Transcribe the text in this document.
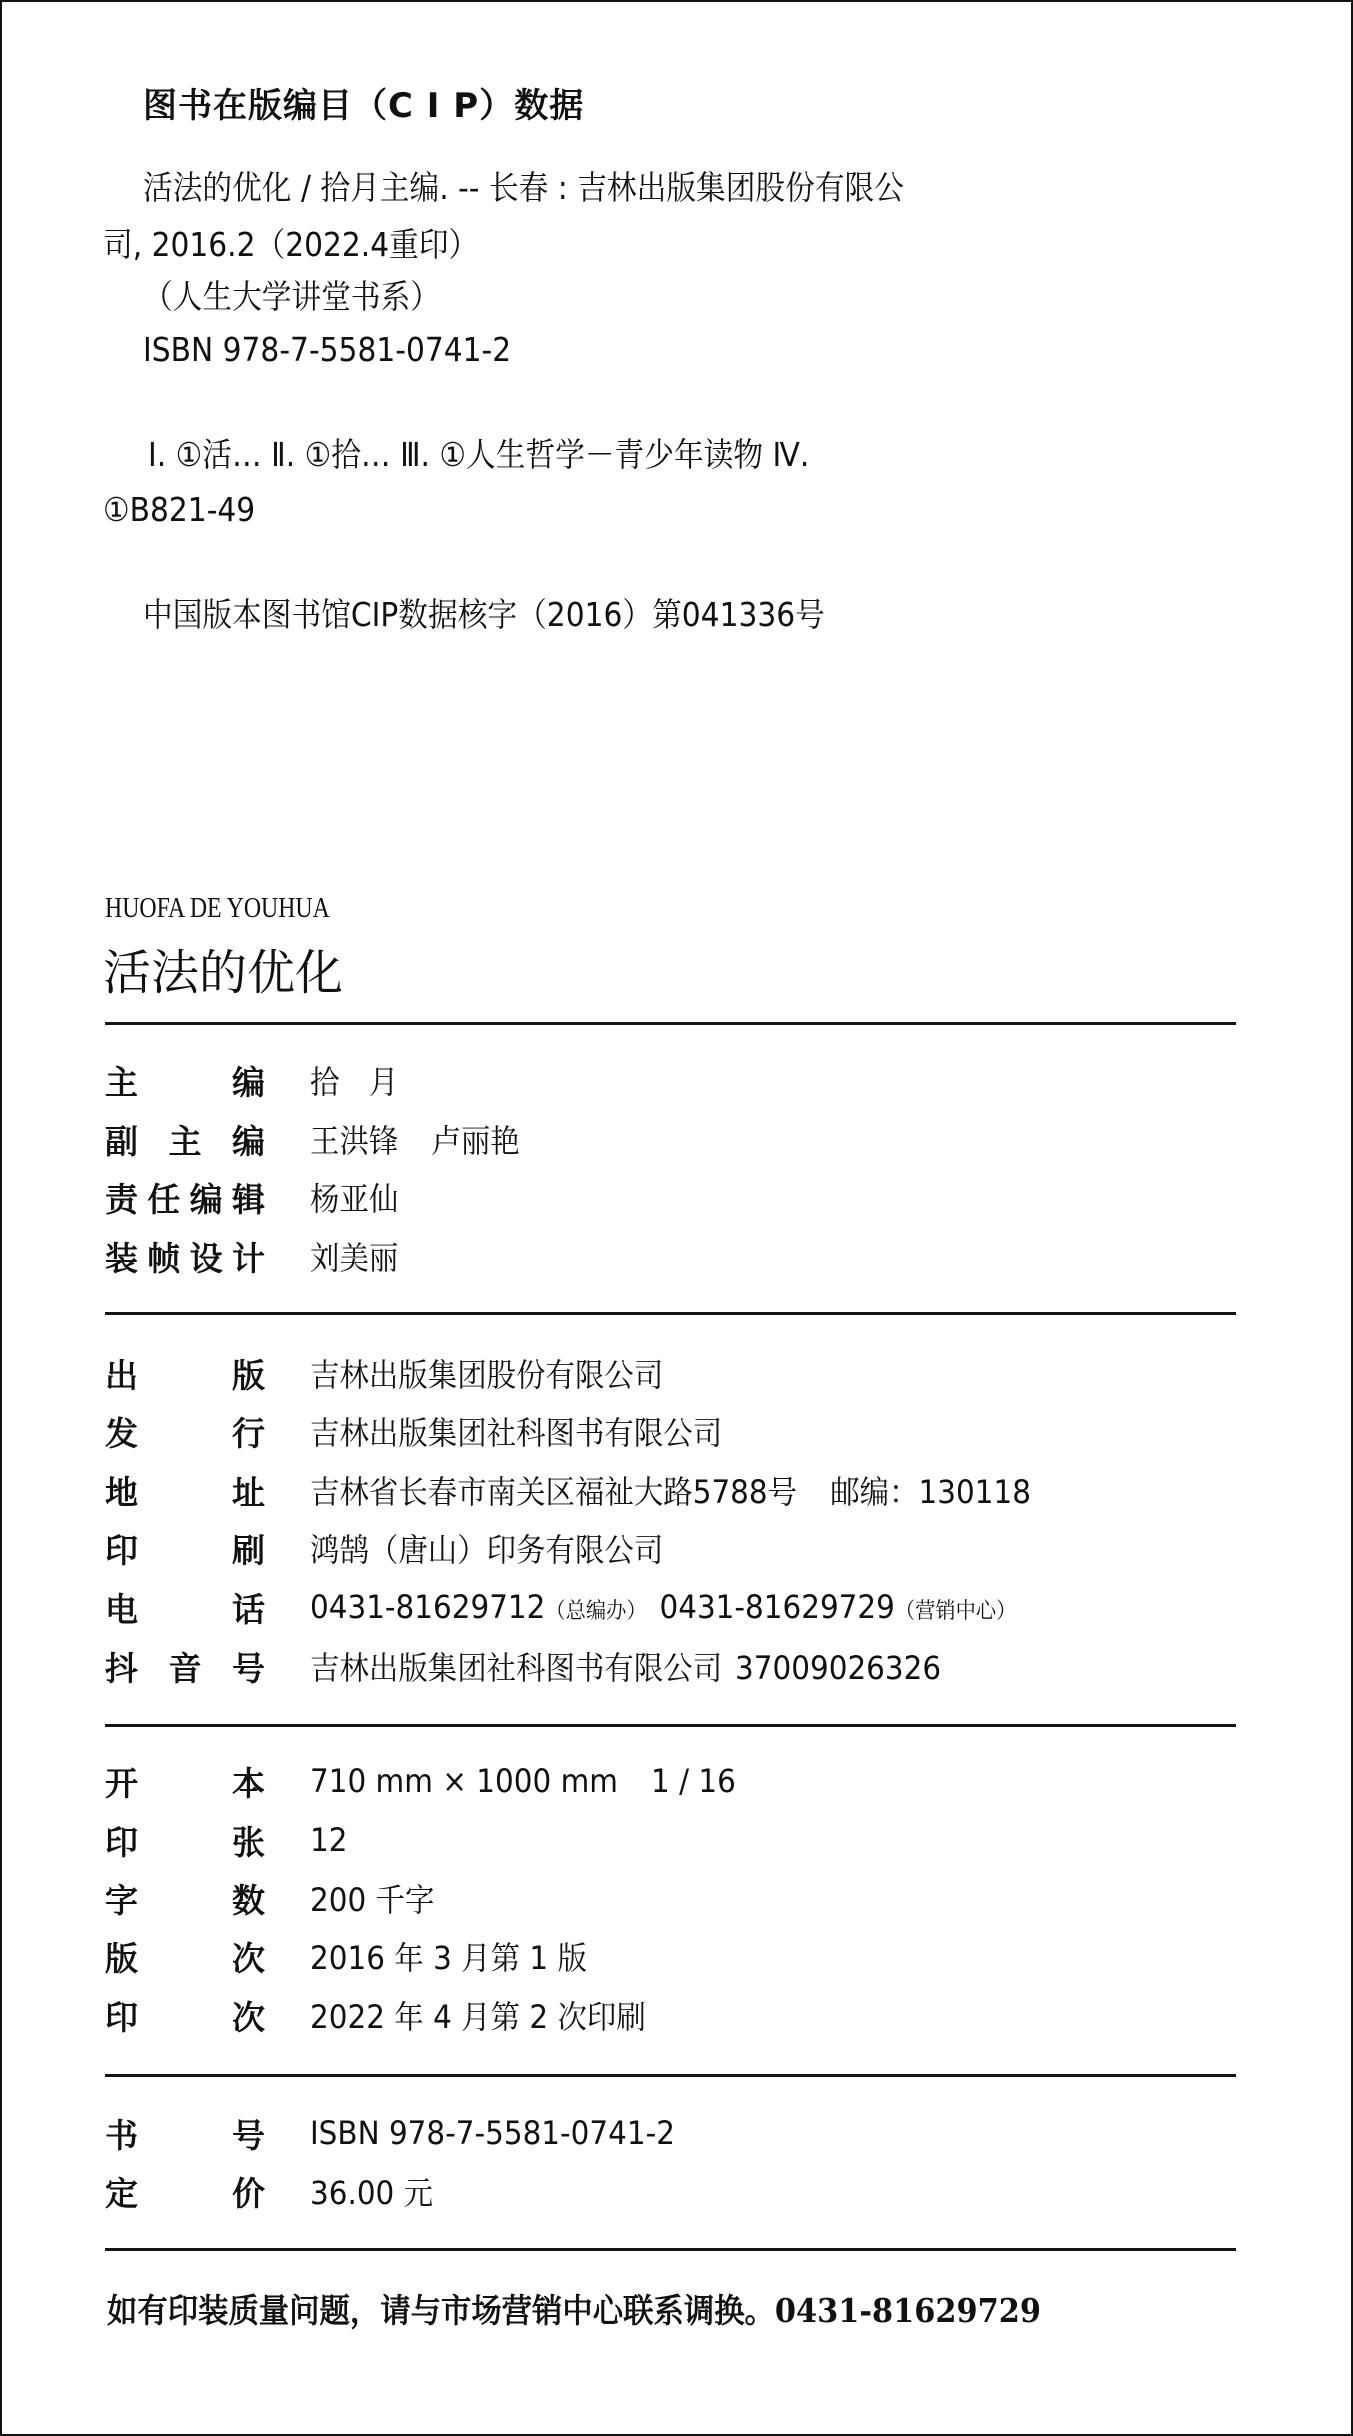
图书在版编目（C I P）数据
活法的优化 / 拾月主编. -- 长春 : 吉林出版集团股份有限公
司, 2016.2（2022.4重印）
（人生大学讲堂书系）
ISBN 978-7-5581-0741-2
Ⅰ. ①活… Ⅱ. ①拾… Ⅲ. ①人生哲学－青少年读物 Ⅳ.
①B821-49
中国版本图书馆CIP数据核字（2016）第041336号
HUOFA DE YOUHUA
活法的优化
主	编 拾　月
副 主 编 王洪锋 卢丽艳
责 任 编 辑 杨亚仙
装 帧 设 计 刘美丽
出	版 吉林出版集团股份有限公司
发	行 吉林出版集团社科图书有限公司
地	址 吉林省长春市南关区福祉大路5788号 邮编：130118
印	刷 鸿鹄（唐山）印务有限公司
电	话 0431-81629712（总编办） 0431-81629729（营销中心）
抖 音 号 吉林出版集团社科图书有限公司 37009026326
开	本 710 mm × 1000 mm 1 / 16
印	张 12
字	数 200 千字
版	次 2016 年 3 月第 1 版
印	次 2022 年 4 月第 2 次印刷
书	号 ISBN 978-7-5581-0741-2
定	价 36.00 元
如有印装质量问题，请与市场营销中心联系调换。0431-81629729
